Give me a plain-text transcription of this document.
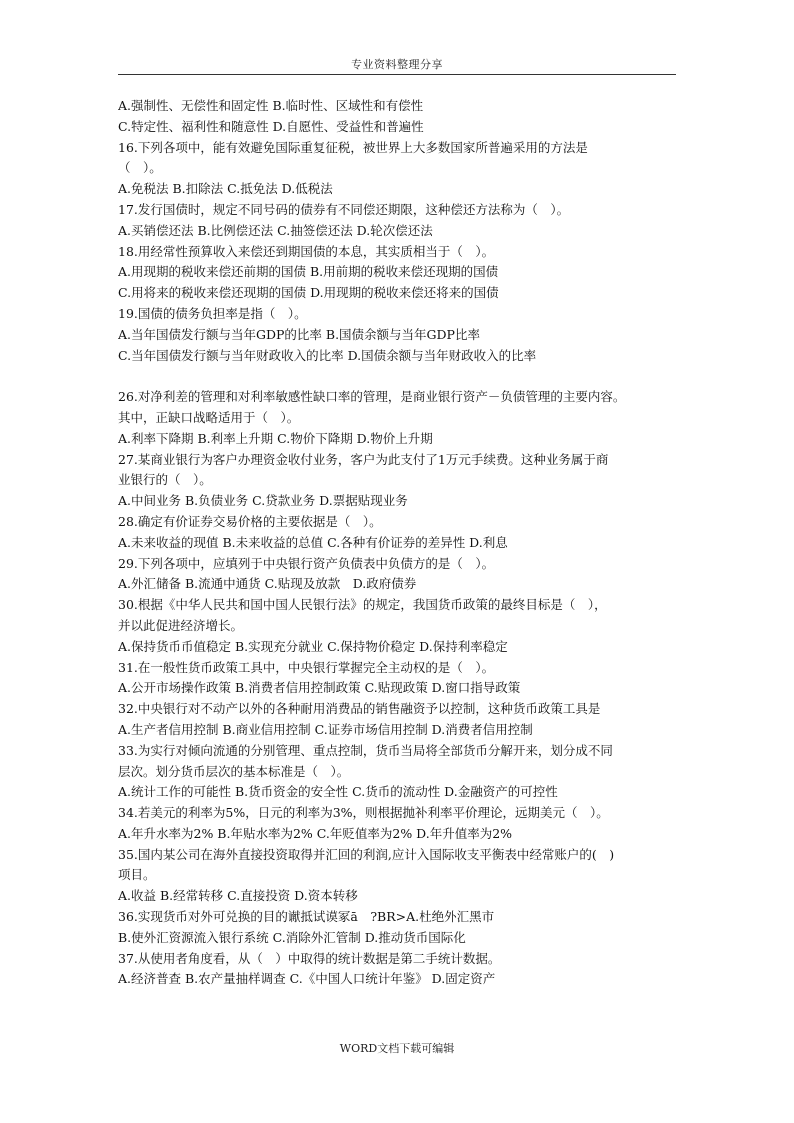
专业资料整理分享
A.强制性、无偿性和固定性 B.临时性、区域性和有偿性
C.特定性、福利性和随意性 D.自愿性、受益性和普遍性
16.下列各项中，能有效避免国际重复征税，被世界上大多数国家所普遍采用的方法是
（　）。
A.免税法 B.扣除法 C.抵免法 D.低税法
17.发行国债时，规定不同号码的债券有不同偿还期限，这种偿还方法称为（　）。
A.买销偿还法 B.比例偿还法 C.抽签偿还法 D.轮次偿还法
18.用经常性预算收入来偿还到期国债的本息，其实质相当于（　）。
A.用现期的税收来偿还前期的国债 B.用前期的税收来偿还现期的国债
C.用将来的税收来偿还现期的国债 D.用现期的税收来偿还将来的国债
19.国债的债务负担率是指（　）。
A.当年国债发行额与当年GDP的比率 B.国债余额与当年GDP比率
C.当年国债发行额与当年财政收入的比率 D.国债余额与当年财政收入的比率
26.对净利差的管理和对利率敏感性缺口率的管理，是商业银行资产－负债管理的主要内容。
其中，正缺口战略适用于（　）。
A.利率下降期 B.利率上升期 C.物价下降期 D.物价上升期
27.某商业银行为客户办理资金收付业务，客户为此支付了1万元手续费。这种业务属于商
业银行的（　）。
A.中间业务 B.负债业务 C.贷款业务 D.票据贴现业务
28.确定有价证券交易价格的主要依据是（　）。
A.未来收益的现值 B.未来收益的总值 C.各种有价证券的差异性 D.利息
29.下列各项中，应填列于中央银行资产负债表中负债方的是（　）。
A.外汇储备 B.流通中通货 C.贴现及放款　D.政府债券
30.根据《中华人民共和国中国人民银行法》的规定，我国货币政策的最终目标是（　），
并以此促进经济增长。
A.保持货币币值稳定 B.实现充分就业 C.保持物价稳定 D.保持利率稳定
31.在一般性货币政策工具中，中央银行掌握完全主动权的是（　）。
A.公开市场操作政策 B.消费者信用控制政策 C.贴现政策 D.窗口指导政策
32.中央银行对不动产以外的各种耐用消费品的销售融资予以控制，这种货币政策工具是
A.生产者信用控制 B.商业信用控制 C.证券市场信用控制 D.消费者信用控制
33.为实行对倾向流通的分别管理、重点控制，货币当局将全部货币分解开来，划分成不同
层次。划分货币层次的基本标准是（　）。
A.统计工作的可能性 B.货币资金的安全性 C.货币的流动性 D.金融资产的可控性
34.若美元的利率为5%，日元的利率为3%，则根据抛补利率平价理论，远期美元（　）。
A.年升水率为2% B.年贴水率为2% C.年贬值率为2% D.年升值率为2%
35.国内某公司在海外直接投资取得并汇回的利润,应计入国际收支平衡表中经常账户的(　)
项目。
A.收益 B.经常转移 C.直接投资 D.资本转移
36.实现货币对外可兑换的目的谳抵试谟冢ā　?BR>A.杜绝外汇黑市
B.使外汇资源流入银行系统 C.消除外汇管制 D.推动货币国际化
37.从使用者角度看，从（　）中取得的统计数据是第二手统计数据。
A.经济普查 B.农产量抽样调查 C.《中国人口统计年鉴》 D.固定资产
WORD文档下载可编辑
